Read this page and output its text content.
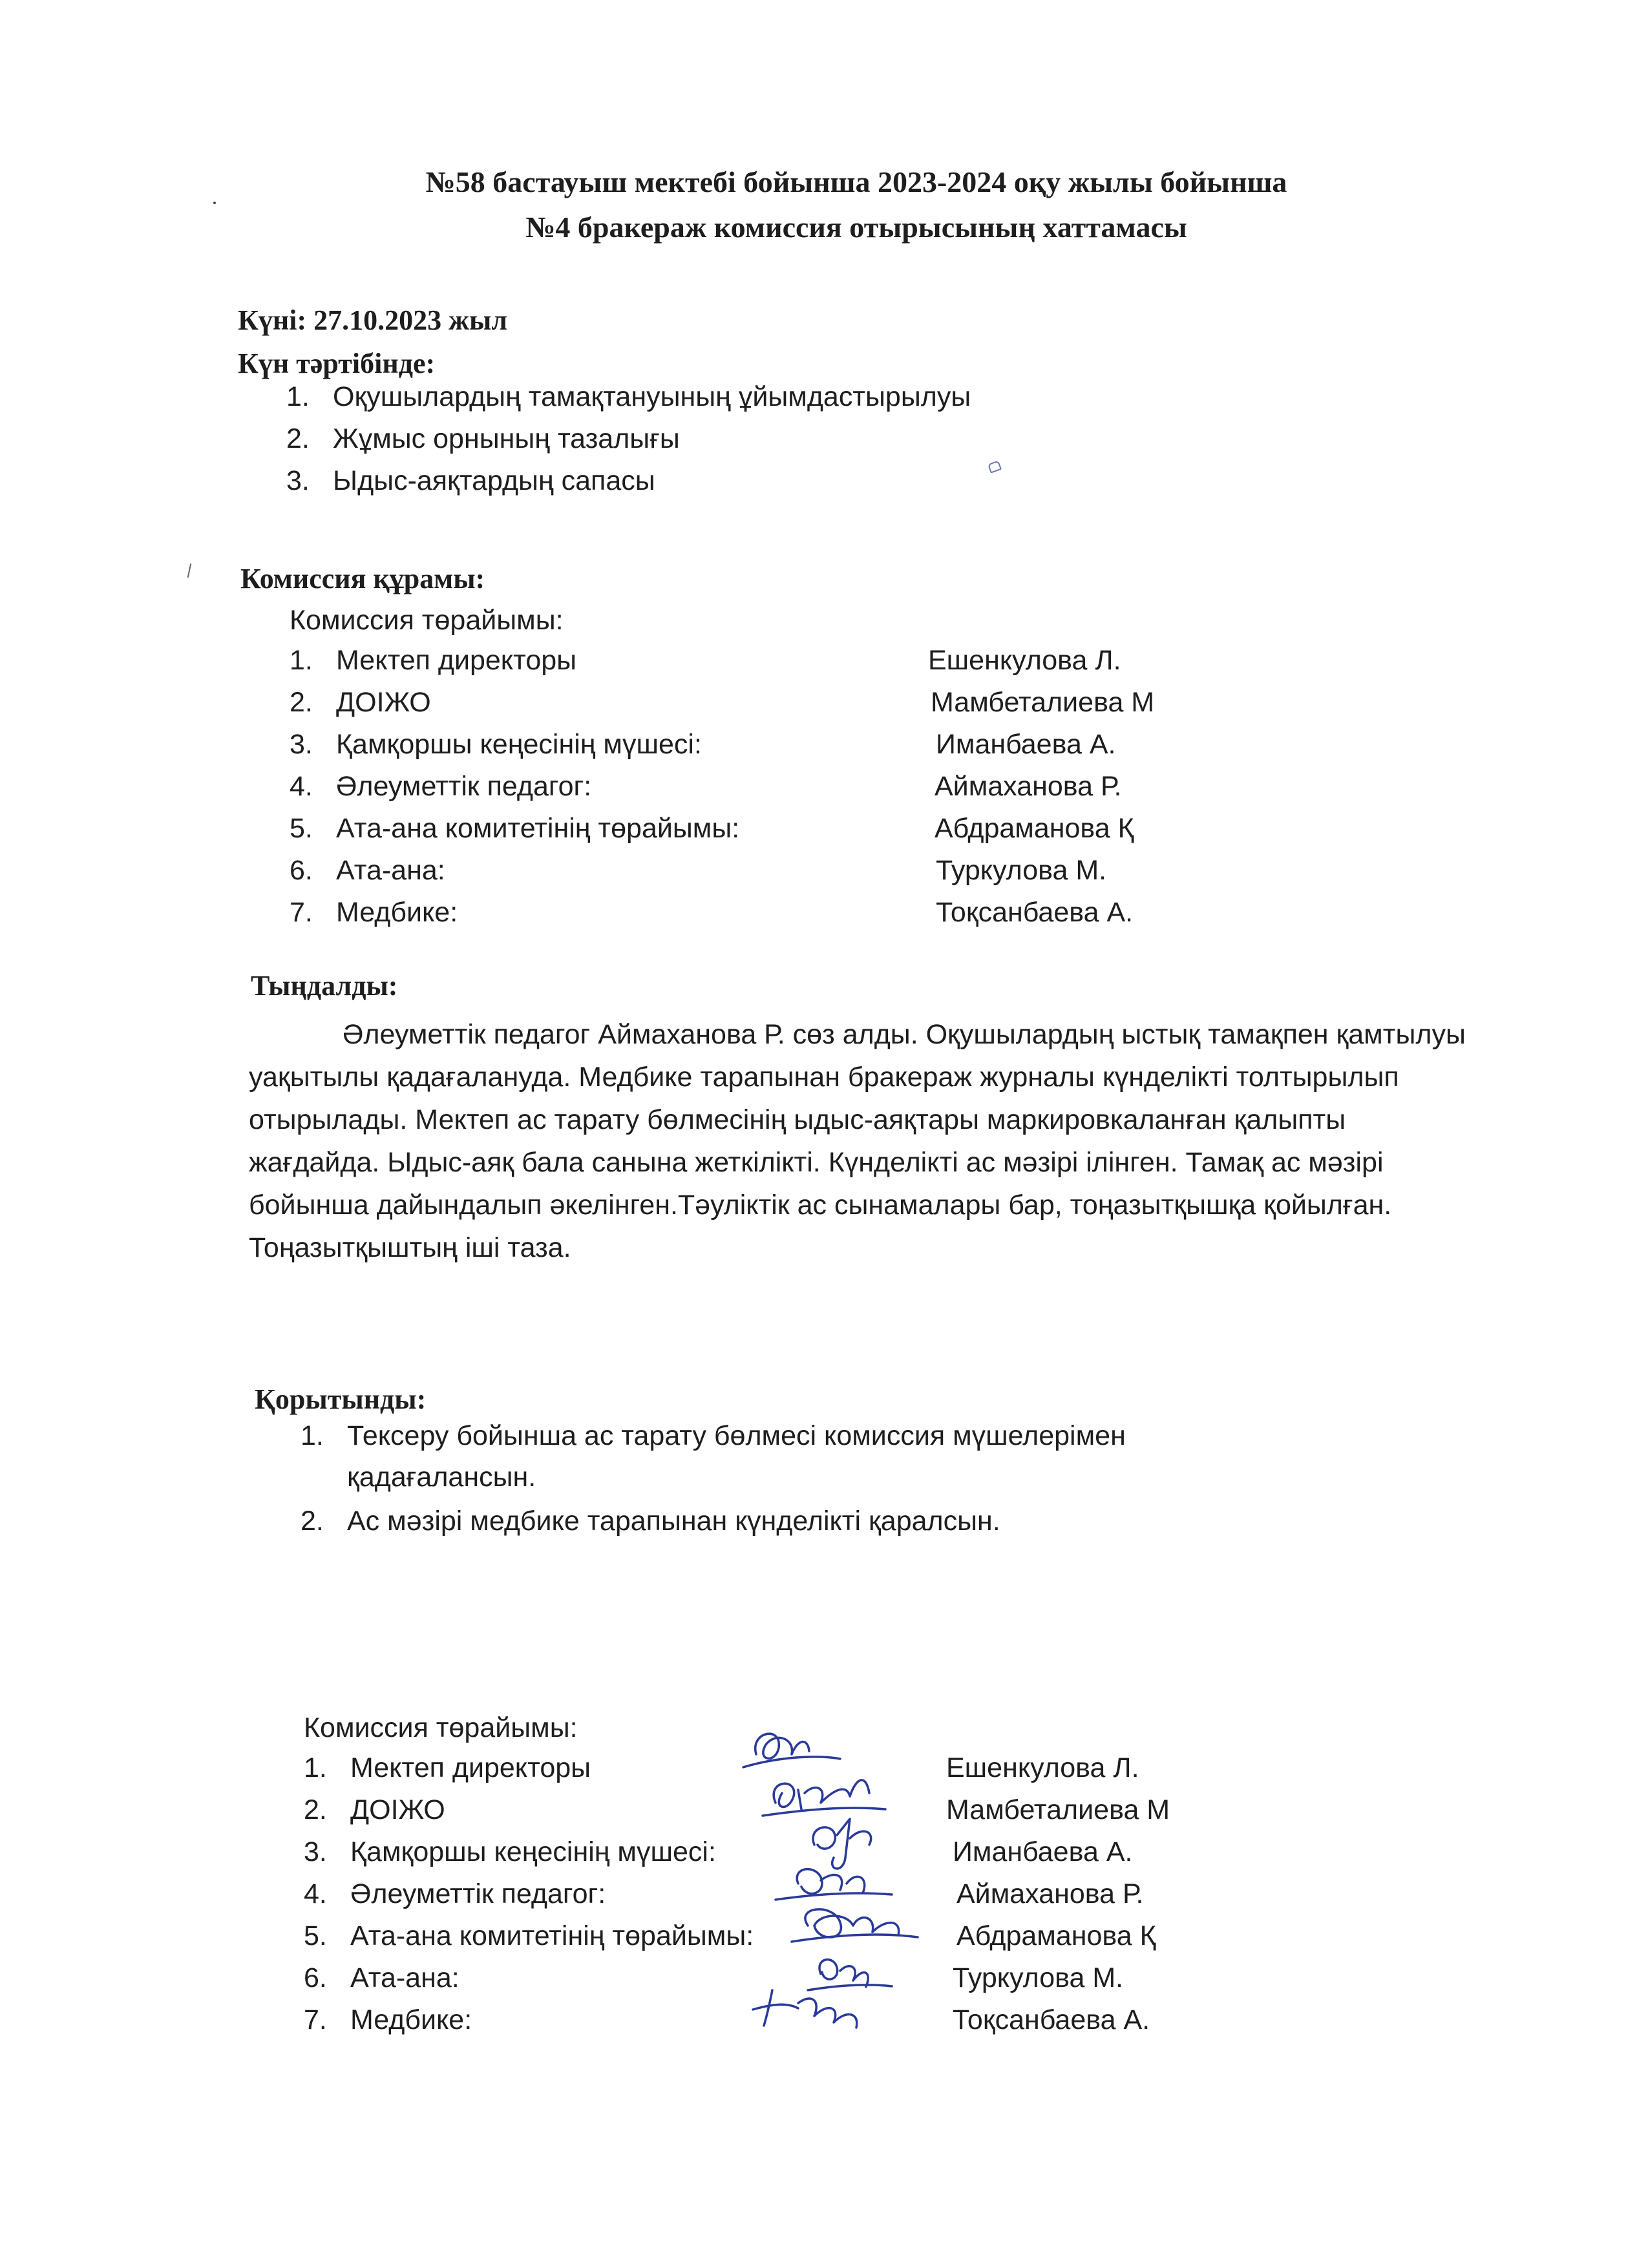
№58 бастауыш мектебі бойынша 2023-2024 оқу жылы бойынша
№4 бракераж комиссия отырысының хаттамасы
Күні: 27.10.2023 жыл
Күн тәртібінде:
1. Оқушылардың тамақтануының ұйымдастырылуы
2. Жұмыс орнының тазалығы
3. Ыдыс-аяқтардың сапасы
Комиссия құрамы:
Комиссия төрайымы:
1. Мектеп директоры	Ешенкулова Л.
2. ДОІЖО	Мамбеталиева М
3. Қамқоршы кеңесінің мүшесі:	Иманбаева А.
4. Әлеуметтік педагог:	Аймаханова Р.
5. Ата-ана комитетінің төрайымы:	Абдраманова Қ
6. Ата-ана:	Туркулова М.
7. Медбике:	Тоқсанбаева А.
Тыңдалды:
Әлеуметтік педагог Аймаханова Р. сөз алды. Оқушылардың ыстық тамақпен қамтылуы уақытылы қадағалануда. Медбике тарапынан бракераж журналы күнделікті толтырылып отырылады. Мектеп ас тарату бөлмесінің ыдыс-аяқтары маркировкаланған қалыпты жағдайда. Ыдыс-аяқ бала санына жеткілікті. Күнделікті ас мәзірі ілінген. Тамақ ас мәзірі бойынша дайындалып әкелінген.Тәуліктік ас сынамалары бар, тоңазытқышқа қойылған. Тоңазытқыштың іші таза.
Қорытынды:
1. Тексеру бойынша ас тарату бөлмесі комиссия мүшелерімен
қадағалансын.
2. Ас мәзірі медбике тарапынан күнделікті қаралсын.
Комиссия төрайымы:
1. Мектеп директоры	Ешенкулова Л.
2. ДОІЖО	Мамбеталиева М
3. Қамқоршы кеңесінің мүшесі:	Иманбаева А.
4. Әлеуметтік педагог:	Аймаханова Р.
5. Ата-ана комитетінің төрайымы:	Абдраманова Қ
6. Ата-ана:	Туркулова М.
7. Медбике:	Тоқсанбаева А.
